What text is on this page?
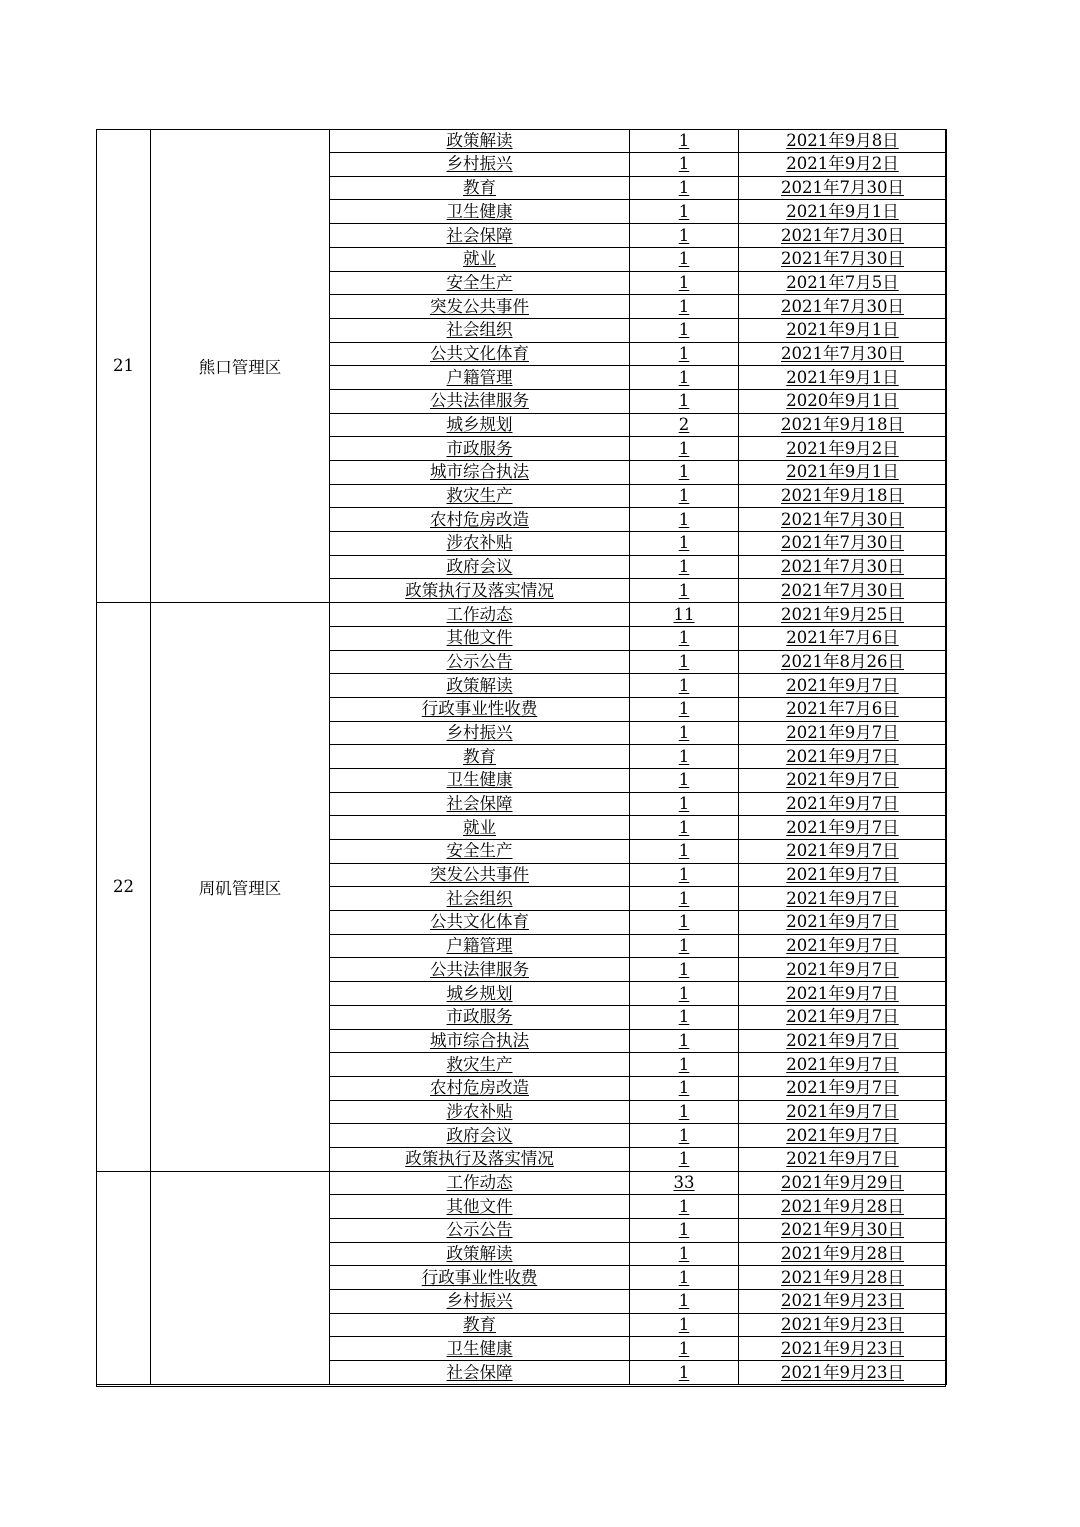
21	熊口管理区	政策解读	1	2021年9月8日
		乡村振兴	1	2021年9月2日
		教育	1	2021年7月30日
		卫生健康	1	2021年9月1日
		社会保障	1	2021年7月30日
		就业	1	2021年7月30日
		安全生产	1	2021年7月5日
		突发公共事件	1	2021年7月30日
		社会组织	1	2021年9月1日
		公共文化体育	1	2021年7月30日
		户籍管理	1	2021年9月1日
		公共法律服务	1	2020年9月1日
		城乡规划	2	2021年9月18日
		市政服务	1	2021年9月2日
		城市综合执法	1	2021年9月1日
		救灾生产	1	2021年9月18日
		农村危房改造	1	2021年7月30日
		涉农补贴	1	2021年7月30日
		政府会议	1	2021年7月30日
		政策执行及落实情况	1	2021年7月30日
22	周矶管理区	工作动态	11	2021年9月25日
		其他文件	1	2021年7月6日
		公示公告	1	2021年8月26日
		政策解读	1	2021年9月7日
		行政事业性收费	1	2021年7月6日
		乡村振兴	1	2021年9月7日
		教育	1	2021年9月7日
		卫生健康	1	2021年9月7日
		社会保障	1	2021年9月7日
		就业	1	2021年9月7日
		安全生产	1	2021年9月7日
		突发公共事件	1	2021年9月7日
		社会组织	1	2021年9月7日
		公共文化体育	1	2021年9月7日
		户籍管理	1	2021年9月7日
		公共法律服务	1	2021年9月7日
		城乡规划	1	2021年9月7日
		市政服务	1	2021年9月7日
		城市综合执法	1	2021年9月7日
		救灾生产	1	2021年9月7日
		农村危房改造	1	2021年9月7日
		涉农补贴	1	2021年9月7日
		政府会议	1	2021年9月7日
		政策执行及落实情况	1	2021年9月7日
		工作动态	33	2021年9月29日
		其他文件	1	2021年9月28日
		公示公告	1	2021年9月30日
		政策解读	1	2021年9月28日
		行政事业性收费	1	2021年9月28日
		乡村振兴	1	2021年9月23日
		教育	1	2021年9月23日
		卫生健康	1	2021年9月23日
		社会保障	1	2021年9月23日
